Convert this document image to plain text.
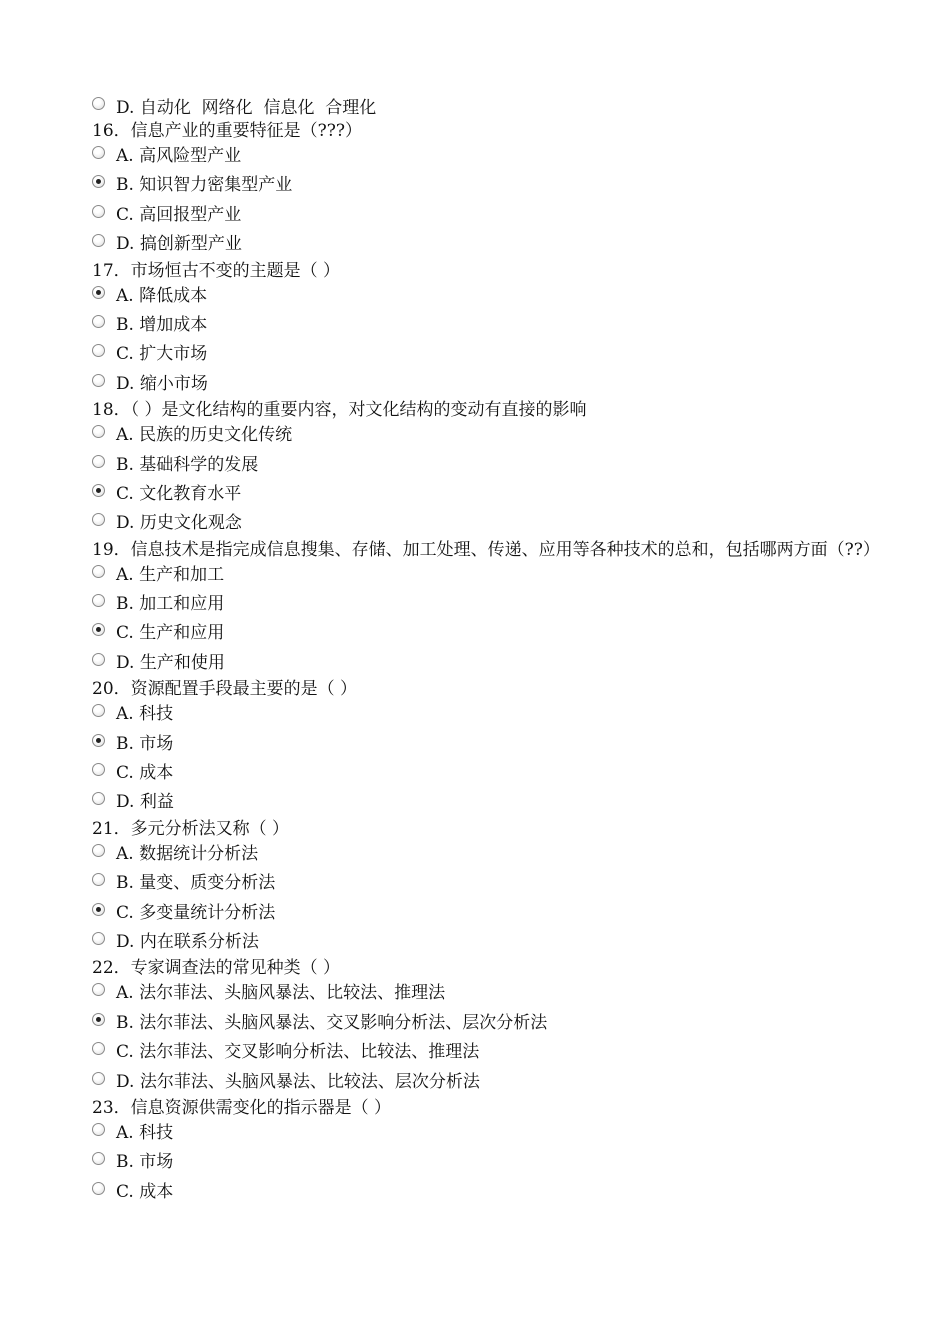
D. 自动化  网络化  信息化  合理化

16．信息产业的重要特征是（???）

A. 高风险型产业
B. 知识智力密集型产业
C. 高回报型产业
D. 搞创新型产业

17．市场恒古不变的主题是（ ）

A. 降低成本
B. 增加成本
C. 扩大市场
D. 缩小市场

18．（ ）是文化结构的重要内容，对文化结构的变动有直接的影响

A. 民族的历史文化传统
B. 基础科学的发展
C. 文化教育水平
D. 历史文化观念

19．信息技术是指完成信息搜集、存储、加工处理、传递、应用等各种技术的总和，包括哪两方面（??）

A. 生产和加工
B. 加工和应用
C. 生产和应用
D. 生产和使用

20．资源配置手段最主要的是（ ）

A. 科技
B. 市场
C. 成本
D. 利益

21．多元分析法又称（ ）

A. 数据统计分析法
B. 量变、质变分析法
C. 多变量统计分析法
D. 内在联系分析法

22．专家调查法的常见种类（ ）

A. 法尔菲法、头脑风暴法、比较法、推理法
B. 法尔菲法、头脑风暴法、交叉影响分析法、层次分析法
C. 法尔菲法、交叉影响分析法、比较法、推理法
D. 法尔菲法、头脑风暴法、比较法、层次分析法

23．信息资源供需变化的指示器是（ ）

A. 科技
B. 市场
C. 成本
